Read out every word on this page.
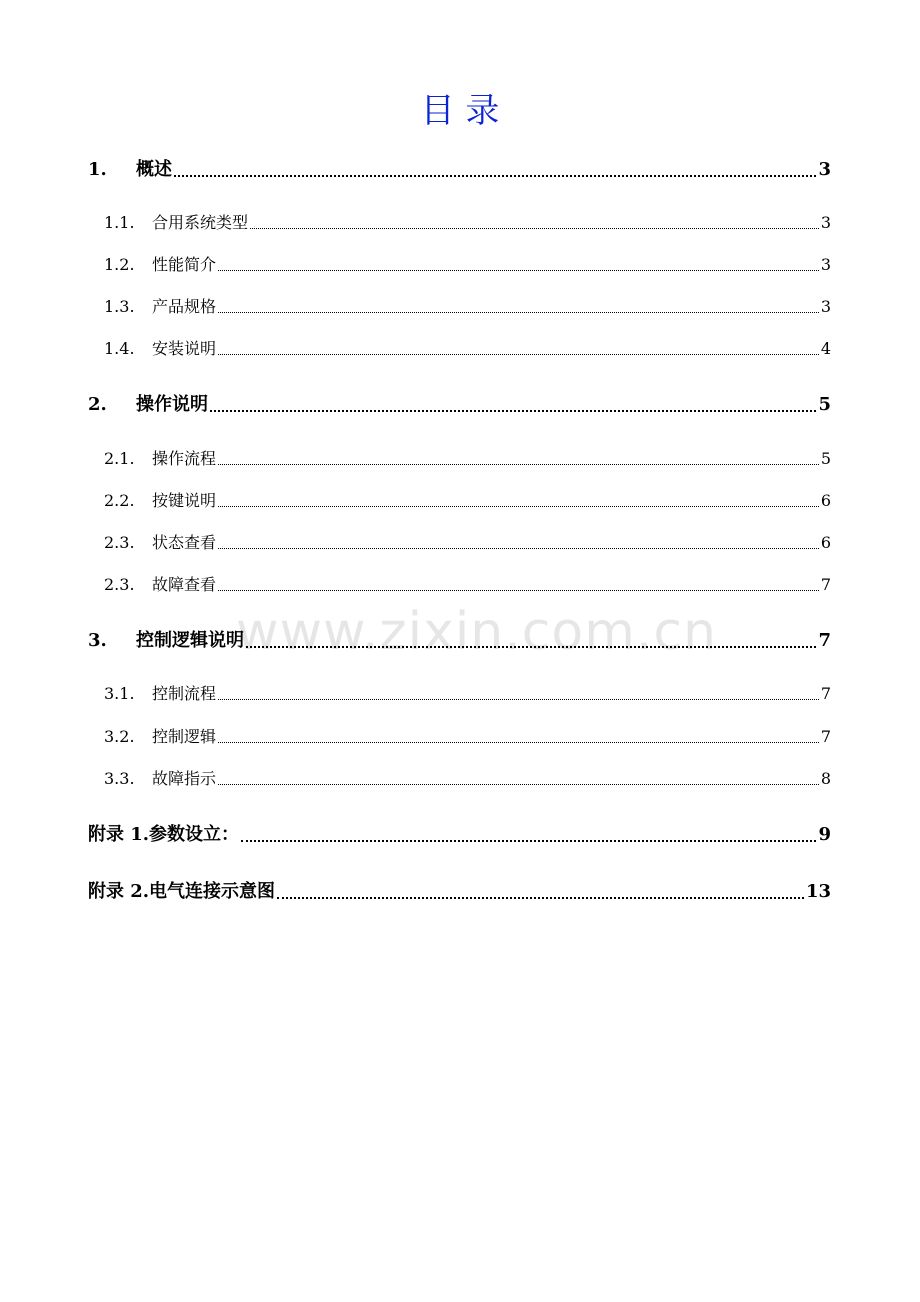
目 录
www.zixin.com.cn
1.	概述	3
1.1.	合用系统类型	3
1.2.	性能简介	3
1.3.	产品规格	3
1.4.	安装说明	4
2.	操作说明	5
2.1.	操作流程	5
2.2.	按键说明	6
2.3.	状态查看	6
2.3.	故障查看	7
3.	控制逻辑说明	7
3.1.	控制流程	7
3.2.	控制逻辑	7
3.3.	故障指示	8
附录 1.参数设立：	9
附录 2.电气连接示意图	13
